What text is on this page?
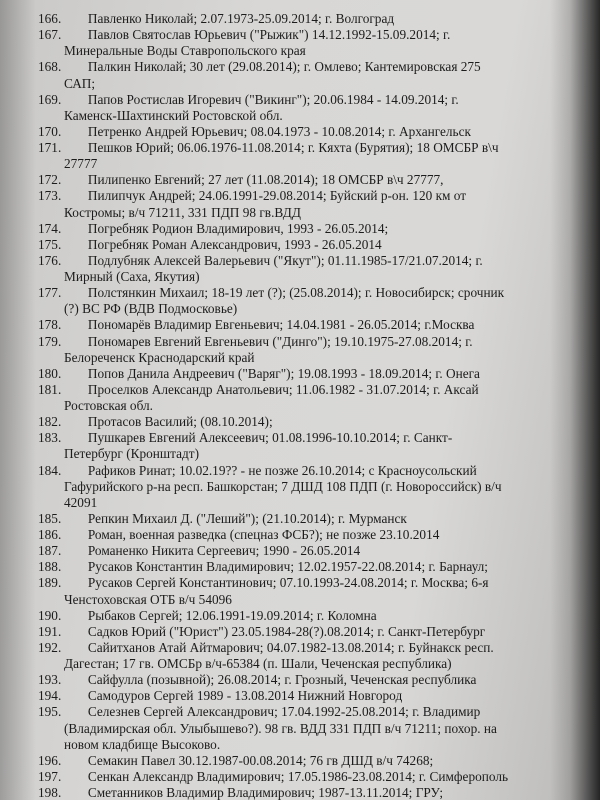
166.        Павленко Николай; 2.07.1973-25.09.2014; г. Волгоград
167.        Павлов Святослав Юрьевич ("Рыжик") 14.12.1992-15.09.2014; г.
Минеральные Воды Ставропольского края
168.        Палкин Николай; 30 лет (29.08.2014); г. Омлево; Кантемировская 275
САП;
169.        Папов Ростислав Игоревич ("Викинг"); 20.06.1984 - 14.09.2014; г.
Каменск-Шахтинский Ростовской обл.
170.        Петренко Андрей Юрьевич; 08.04.1973 - 10.08.2014; г. Архангельск
171.        Пешков Юрий; 06.06.1976-11.08.2014; г. Кяхта (Бурятия); 18 ОМСБР в\ч
27777
172.        Пилипенко Евгений; 27 лет (11.08.2014); 18 ОМСБР в\ч 27777,
173.        Пилипчук Андрей; 24.06.1991-29.08.2014; Буйский р-он. 120 км от
Костромы; в/ч 71211, 331 ПДП 98 гв.ВДД
174.        Погребняк Родион Владимирович, 1993 - 26.05.2014;
175.        Погребняк Роман Александрович, 1993 - 26.05.2014
176.        Подлубняк Алексей Валерьевич ("Якут"); 01.11.1985-17/21.07.2014; г.
Мирный (Саха, Якутия)
177.        Полстянкин Михаил; 18-19 лет (?); (25.08.2014); г. Новосибирск; срочник
(?) ВС РФ (ВДВ Подмосковье)
178.        Пономарёв Владимир Евгеньевич; 14.04.1981 - 26.05.2014; г.Москва
179.        Пономарев Евгений Евгеньевич ("Динго"); 19.10.1975-27.08.2014; г.
Белореченск Краснодарский край
180.        Попов Данила Андреевич ("Варяг"); 19.08.1993 - 18.09.2014; г. Онега
181.        Проселков Александр Анатольевич; 11.06.1982 - 31.07.2014; г. Аксай
Ростовская обл.
182.        Протасов Василий; (08.10.2014);
183.        Пушкарев Евгений Алексеевич; 01.08.1996-10.10.2014; г. Санкт-
Петербург (Кронштадт)
184.        Рафиков Ринат; 10.02.19?? - не позже 26.10.2014; с Красноусольский
Гафурийского р-на респ. Башкорстан; 7 ДШД 108 ПДП (г. Новороссийск) в/ч
42091
185.        Репкин Михаил Д. ("Леший"); (21.10.2014); г. Мурманск
186.        Роман, военная разведка (спецназ ФСБ?); не позже 23.10.2014
187.        Романенко Никита Сергеевич; 1990 - 26.05.2014
188.        Русаков Константин Владимирович; 12.02.1957-22.08.2014; г. Барнаул;
189.        Русаков Сергей Константинович; 07.10.1993-24.08.2014; г. Москва; 6-я
Ченстоховская ОТБ в/ч 54096
190.        Рыбаков Сергей; 12.06.1991-19.09.2014; г. Коломна
191.        Садков Юрий ("Юрист") 23.05.1984-28(?).08.2014; г. Санкт-Петербург
192.        Сайитханов Атай Айтмарович; 04.07.1982-13.08.2014; г. Буйнакск респ.
Дагестан; 17 гв. ОМСБр в/ч-65384 (п. Шали, Чеченская республика)
193.        Сайфулла (позывной); 26.08.2014; г. Грозный, Чеченская республика
194.        Самодуров Сергей 1989 - 13.08.2014 Нижний Новгород
195.        Селезнев Сергей Александрович; 17.04.1992-25.08.2014; г. Владимир
(Владимирская обл. Улыбышево?). 98 гв. ВДД 331 ПДП в/ч 71211; похор. на
новом кладбище Высоково.
196.        Семакин Павел 30.12.1987-00.08.2014; 76 гв ДШД в/ч 74268;
197.        Сенкан Александр Владимирович; 17.05.1986-23.08.2014; г. Симферополь
198.        Сметанников Владимир Владимирович; 1987-13.11.2014; ГРУ;
